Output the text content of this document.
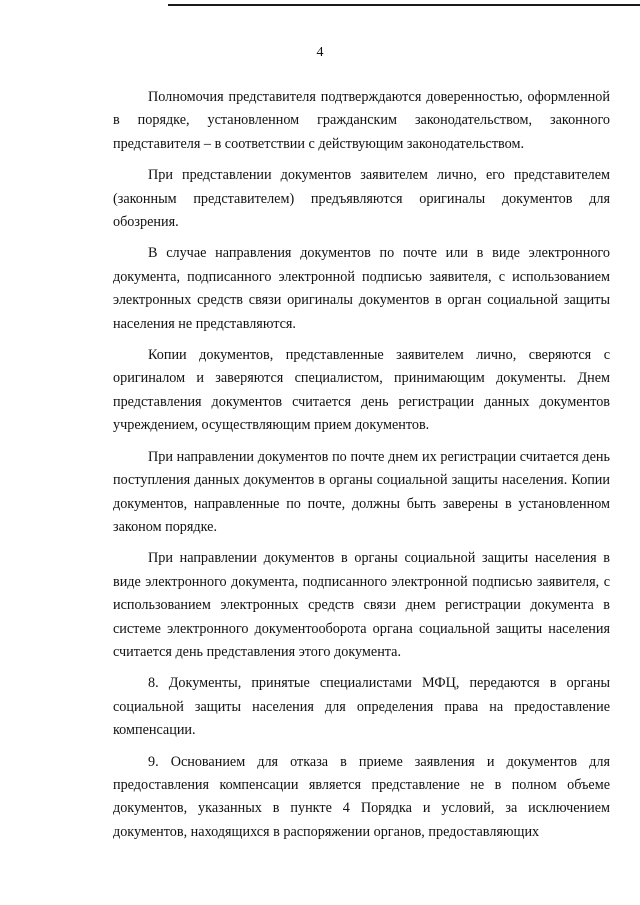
4

Полномочия представителя подтверждаются доверенностью, оформленной в порядке, установленном гражданским законодательством, законного представителя – в соответствии с действующим законодательством.

При представлении документов заявителем лично, его представителем (законным представителем) предъявляются оригиналы документов для обозрения.

В случае направления документов по почте или в виде электронного документа, подписанного электронной подписью заявителя, с использованием электронных средств связи оригиналы документов в орган социальной защиты населения не представляются.

Копии документов, представленные заявителем лично, сверяются с оригиналом и заверяются специалистом, принимающим документы. Днем представления документов считается день регистрации данных документов учреждением, осуществляющим прием документов.

При направлении документов по почте днем их регистрации считается день поступления данных документов в органы социальной защиты населения. Копии документов, направленные по почте, должны быть заверены в установленном законом порядке.

При направлении документов в органы социальной защиты населения в виде электронного документа, подписанного электронной подписью заявителя, с использованием электронных средств связи днем регистрации документа в системе электронного документооборота органа социальной защиты населения считается день представления этого документа.

8. Документы, принятые специалистами МФЦ, передаются в органы социальной защиты населения для определения права на предоставление компенсации.

9. Основанием для отказа в приеме заявления и документов для предоставления компенсации является представление не в полном объеме документов, указанных в пункте 4 Порядка и условий, за исключением документов, находящихся в распоряжении органов, предоставляющих
